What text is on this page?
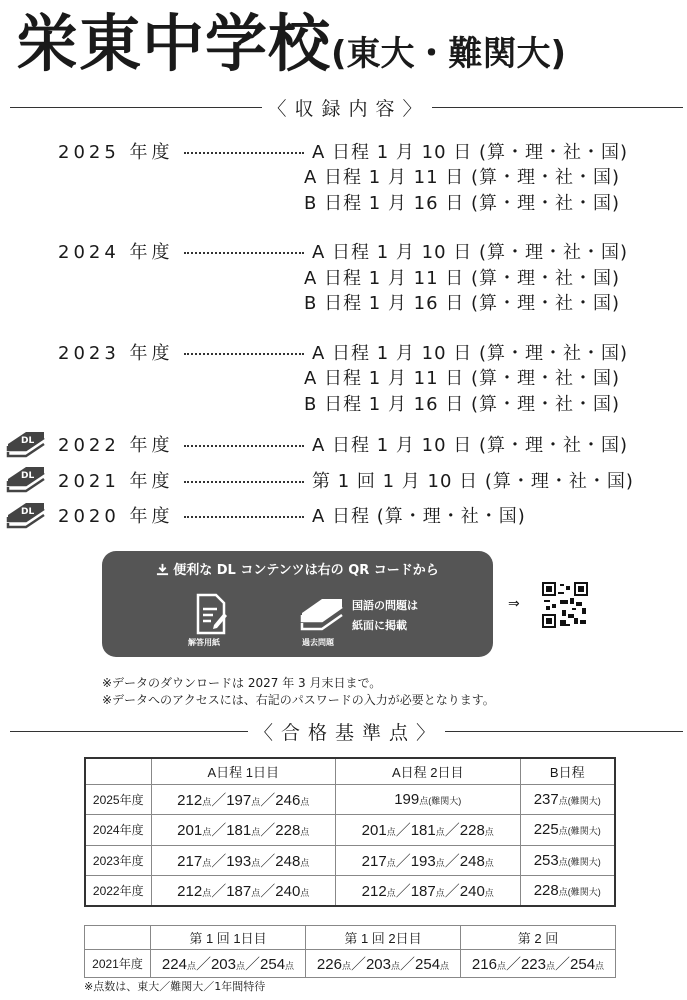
栄東中学校(東大・難関大)
〈収録内容〉
2025 年度	A 日程 1 月 10 日 (算・理・社・国)
A 日程 1 月 11 日 (算・理・社・国)
B 日程 1 月 16 日 (算・理・社・国)
2024 年度	A 日程 1 月 10 日 (算・理・社・国)
A 日程 1 月 11 日 (算・理・社・国)
B 日程 1 月 16 日 (算・理・社・国)
2023 年度	A 日程 1 月 10 日 (算・理・社・国)
A 日程 1 月 11 日 (算・理・社・国)
B 日程 1 月 16 日 (算・理・社・国)
DL 2022 年度	A 日程 1 月 10 日 (算・理・社・国)
DL 2021 年度	第 1 回 1 月 10 日 (算・理・社・国)
DL 2020 年度	A 日程 (算・理・社・国)
便利な DL コンテンツは右の QR コードから
解答用紙	過去問題
国語の問題は
紙面に掲載
⇒
※データのダウンロードは 2027 年 3 月末日まで。
※データへのアクセスには、右記のパスワードの入力が必要となります。
〈合格基準点〉
	A日程 1日目	A日程 2日目	B日程
2025年度	212点／197点／246点	199点(難関大)	237点(難関大)
2024年度	201点／181点／228点	201点／181点／228点	225点(難関大)
2023年度	217点／193点／248点	217点／193点／248点	253点(難関大)
2022年度	212点／187点／240点	212点／187点／240点	228点(難関大)
	第 1 回 1日目	第 1 回 2日目	第 2 回
2021年度	224点／203点／254点	226点／203点／254点	216点／223点／254点
※点数は、東大／難関大／1年間特待
